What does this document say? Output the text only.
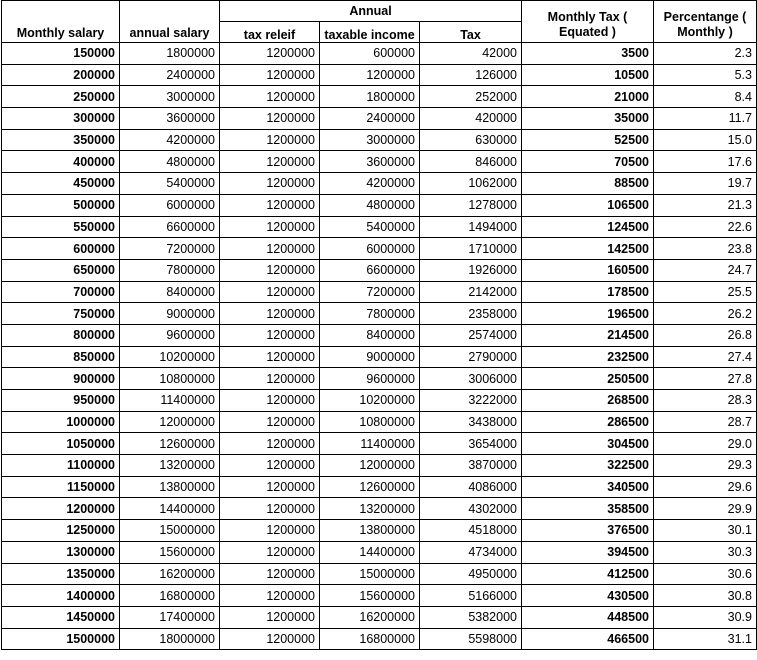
Monthly salary	annual salary	Annual			Monthly Tax ( Equated )	Percentange ( Monthly )
		tax releif	taxable income	Tax		
150000	1800000	1200000	600000	42000	3500	2.3
200000	2400000	1200000	1200000	126000	10500	5.3
250000	3000000	1200000	1800000	252000	21000	8.4
300000	3600000	1200000	2400000	420000	35000	11.7
350000	4200000	1200000	3000000	630000	52500	15.0
400000	4800000	1200000	3600000	846000	70500	17.6
450000	5400000	1200000	4200000	1062000	88500	19.7
500000	6000000	1200000	4800000	1278000	106500	21.3
550000	6600000	1200000	5400000	1494000	124500	22.6
600000	7200000	1200000	6000000	1710000	142500	23.8
650000	7800000	1200000	6600000	1926000	160500	24.7
700000	8400000	1200000	7200000	2142000	178500	25.5
750000	9000000	1200000	7800000	2358000	196500	26.2
800000	9600000	1200000	8400000	2574000	214500	26.8
850000	10200000	1200000	9000000	2790000	232500	27.4
900000	10800000	1200000	9600000	3006000	250500	27.8
950000	11400000	1200000	10200000	3222000	268500	28.3
1000000	12000000	1200000	10800000	3438000	286500	28.7
1050000	12600000	1200000	11400000	3654000	304500	29.0
1100000	13200000	1200000	12000000	3870000	322500	29.3
1150000	13800000	1200000	12600000	4086000	340500	29.6
1200000	14400000	1200000	13200000	4302000	358500	29.9
1250000	15000000	1200000	13800000	4518000	376500	30.1
1300000	15600000	1200000	14400000	4734000	394500	30.3
1350000	16200000	1200000	15000000	4950000	412500	30.6
1400000	16800000	1200000	15600000	5166000	430500	30.8
1450000	17400000	1200000	16200000	5382000	448500	30.9
1500000	18000000	1200000	16800000	5598000	466500	31.1
